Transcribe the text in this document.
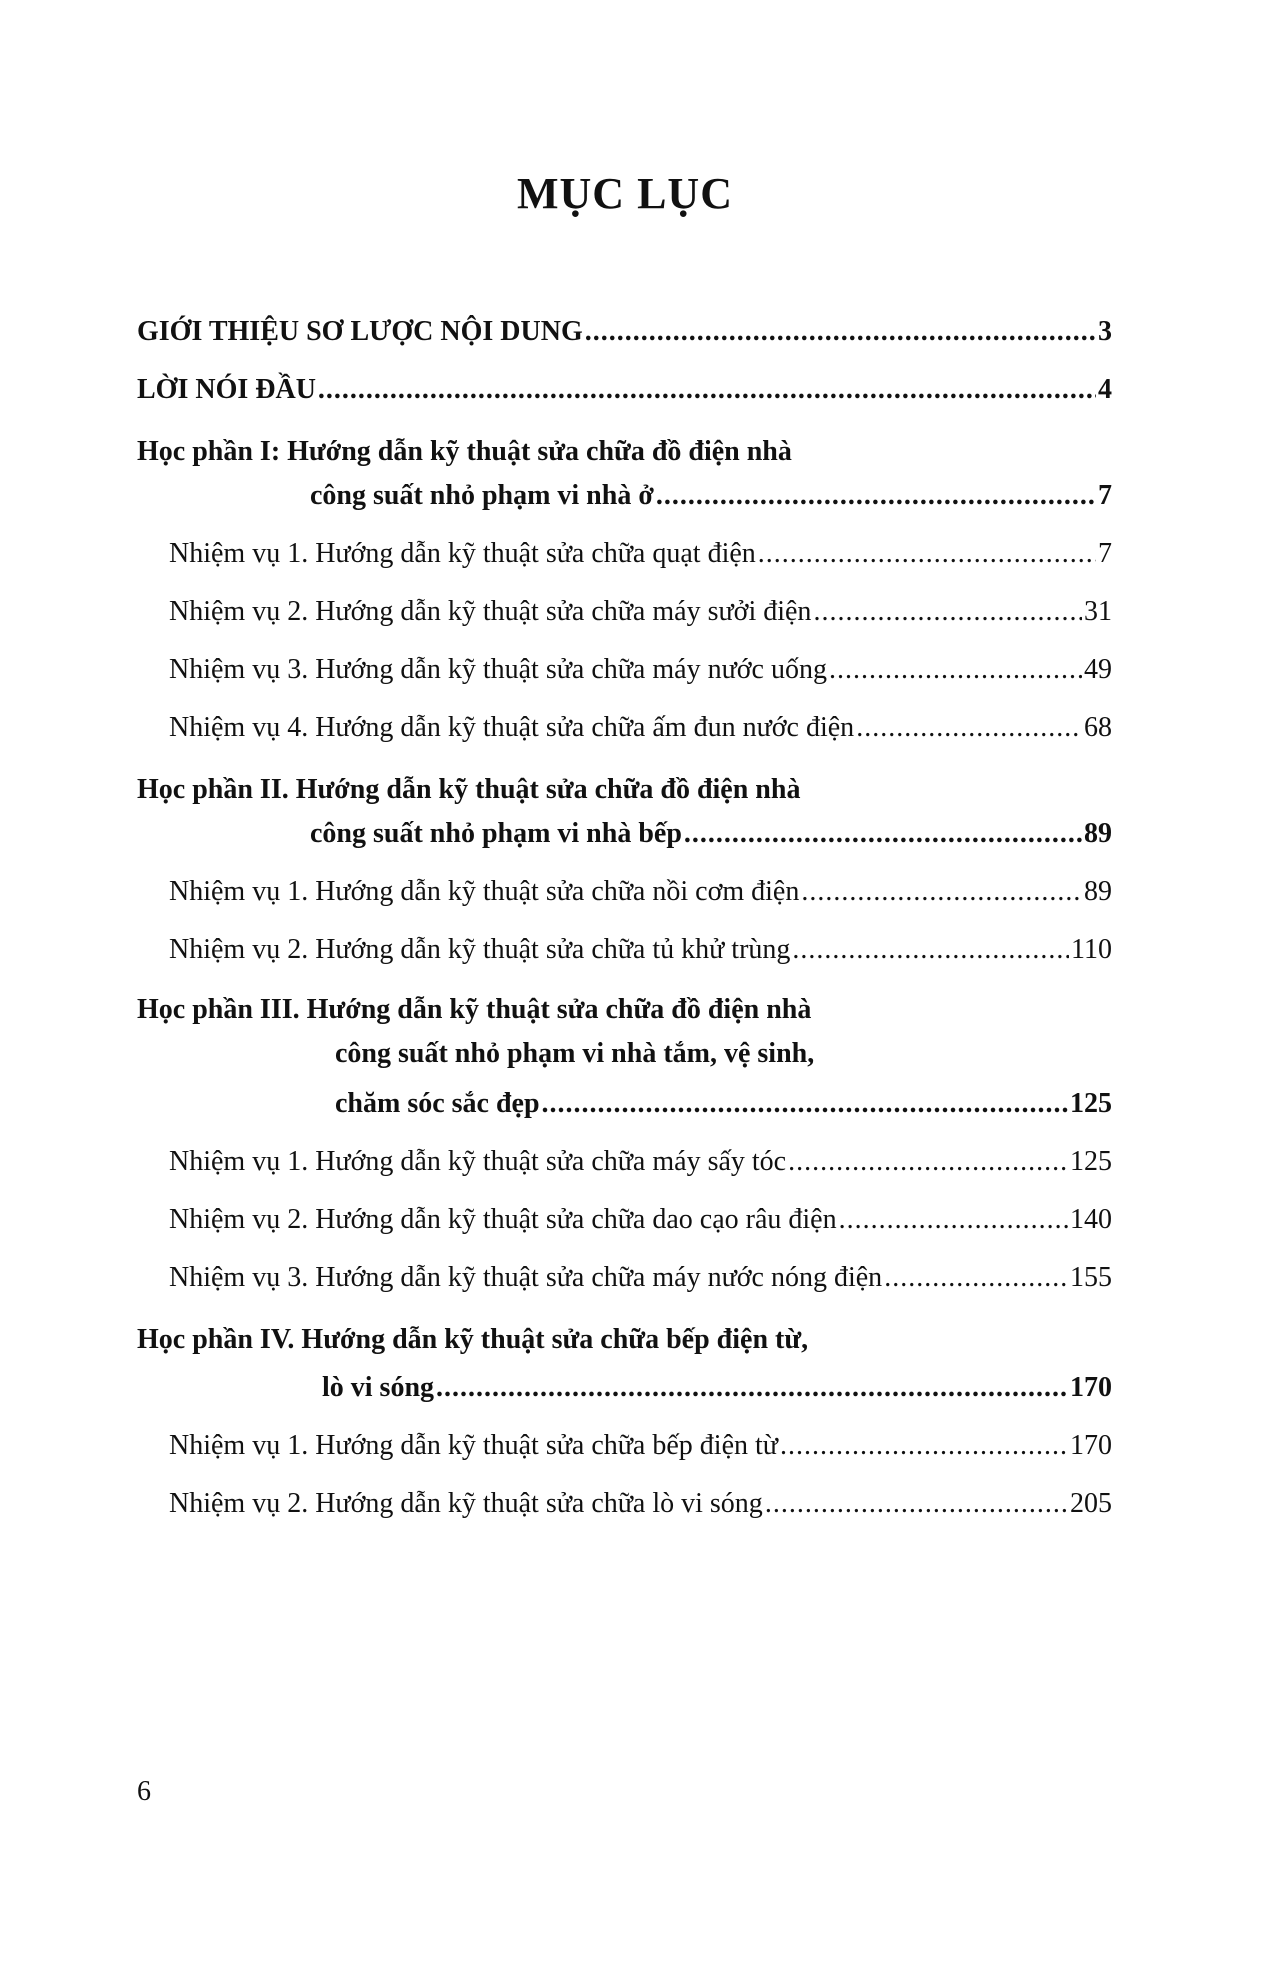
MỤC LỤC
GIỚI THIỆU SƠ LƯỢC NỘI DUNG .....	3
LỜI NÓI ĐẦU .....	4
Học phần I: Hướng dẫn kỹ thuật sửa chữa đồ điện nhà
công suất nhỏ phạm vi nhà ở .....	7
Nhiệm vụ 1. Hướng dẫn kỹ thuật sửa chữa quạt điện .....	7
Nhiệm vụ 2. Hướng dẫn kỹ thuật sửa chữa máy sưởi điện .....	31
Nhiệm vụ 3. Hướng dẫn kỹ thuật sửa chữa máy nước uống .....	49
Nhiệm vụ 4. Hướng dẫn kỹ thuật sửa chữa ấm đun nước điện .....	68
Học phần II. Hướng dẫn kỹ thuật sửa chữa đồ điện nhà
công suất nhỏ phạm vi nhà bếp .....	89
Nhiệm vụ 1. Hướng dẫn kỹ thuật sửa chữa nồi cơm điện .....	89
Nhiệm vụ 2. Hướng dẫn kỹ thuật sửa chữa tủ khử trùng .....	110
Học phần III. Hướng dẫn kỹ thuật sửa chữa đồ điện nhà
công suất nhỏ phạm vi nhà tắm, vệ sinh,
chăm sóc sắc đẹp .....	125
Nhiệm vụ 1. Hướng dẫn kỹ thuật sửa chữa máy sấy tóc .....	125
Nhiệm vụ 2. Hướng dẫn kỹ thuật sửa chữa dao cạo râu điện .....	140
Nhiệm vụ 3. Hướng dẫn kỹ thuật sửa chữa máy nước nóng điện .....	155
Học phần IV. Hướng dẫn kỹ thuật sửa chữa bếp điện từ,
lò vi sóng .....	170
Nhiệm vụ 1. Hướng dẫn kỹ thuật sửa chữa bếp điện từ .....	170
Nhiệm vụ 2. Hướng dẫn kỹ thuật sửa chữa lò vi sóng .....	205
6
